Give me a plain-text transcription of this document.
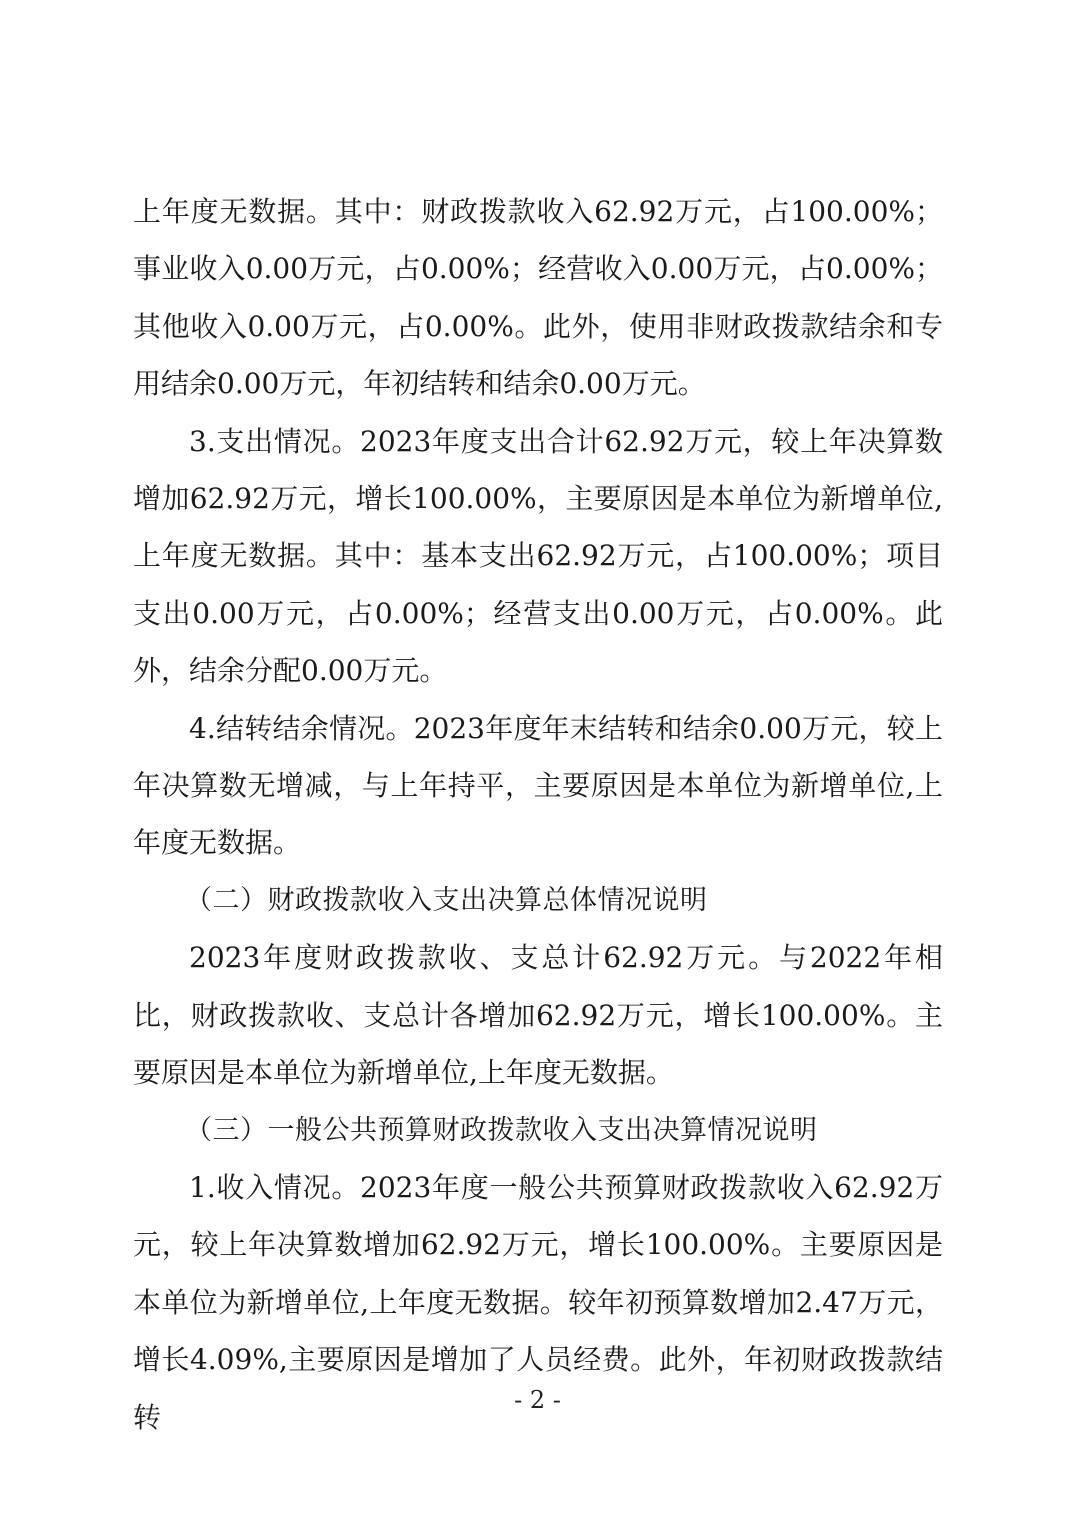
上年度无数据。其中：财政拨款收入62.92万元，占100.00%；事业收入0.00万元，占0.00%；经营收入0.00万元，占0.00%；其他收入0.00万元，占0.00%。此外，使用非财政拨款结余和专用结余0.00万元，年初结转和结余0.00万元。

3.支出情况。2023年度支出合计62.92万元，较上年决算数增加62.92万元，增长100.00%，主要原因是本单位为新增单位,上年度无数据。其中：基本支出62.92万元，占100.00%；项目支出0.00万元，占0.00%；经营支出0.00万元，占0.00%。此外，结余分配0.00万元。

4.结转结余情况。2023年度年末结转和结余0.00万元，较上年决算数无增减，与上年持平，主要原因是本单位为新增单位,上年度无数据。

（二）财政拨款收入支出决算总体情况说明

2023年度财政拨款收、支总计62.92万元。与2022年相比，财政拨款收、支总计各增加62.92万元，增长100.00%。主要原因是本单位为新增单位,上年度无数据。

（三）一般公共预算财政拨款收入支出决算情况说明

1.收入情况。2023年度一般公共预算财政拨款收入62.92万元，较上年决算数增加62.92万元，增长100.00%。主要原因是本单位为新增单位,上年度无数据。较年初预算数增加2.47万元，增长4.09%,主要原因是增加了人员经费。此外，年初财政拨款结转

- 2 -
